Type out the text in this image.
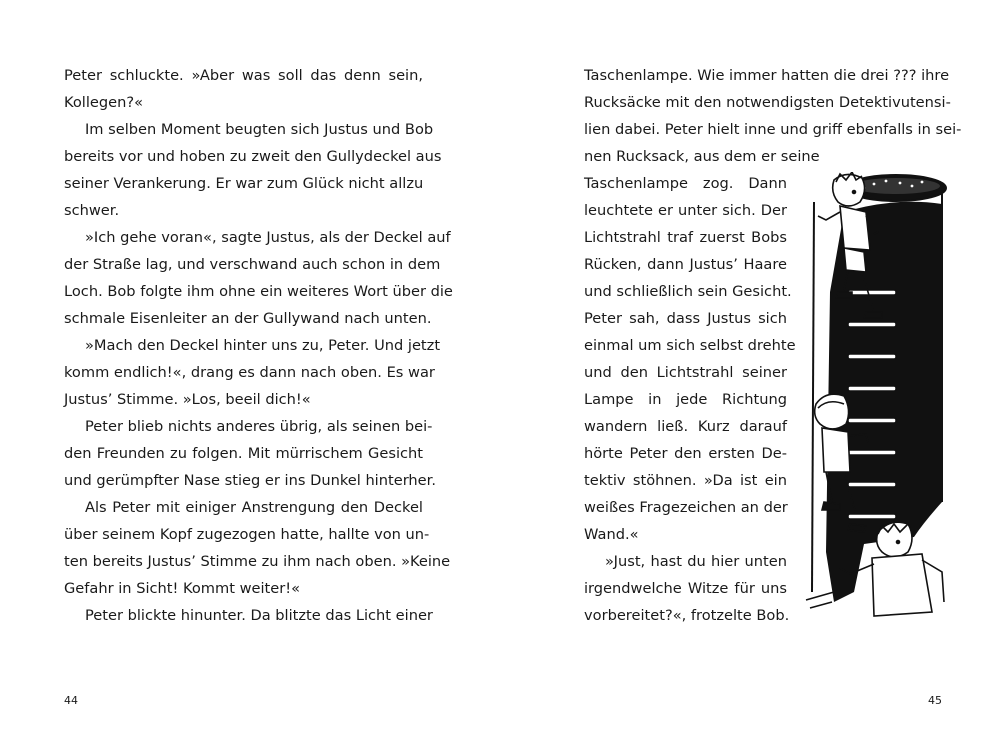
Peter schluckte. »Aber was soll das denn sein,
Kollegen?«
Im selben Moment beugten sich Justus und Bob
bereits vor und hoben zu zweit den Gullydeckel aus
seiner Verankerung. Er war zum Glück nicht allzu
schwer.
»Ich gehe voran«, sagte Justus, als der Deckel auf
der Straße lag, und verschwand auch schon in dem
Loch. Bob folgte ihm ohne ein weiteres Wort über die
schmale Eisenleiter an der Gullywand nach unten.
»Mach den Deckel hinter uns zu, Peter. Und jetzt
komm endlich!«, drang es dann nach oben. Es war
Justus’ Stimme. »Los, beeil dich!«
Peter blieb nichts anderes übrig, als seinen bei-
den Freunden zu folgen. Mit mürrischem Gesicht
und gerümpfter Nase stieg er ins Dunkel hinterher.
Als Peter mit einiger Anstrengung den Deckel
über seinem Kopf zugezogen hatte, hallte von un-
ten bereits Justus’ Stimme zu ihm nach oben. »Keine
Gefahr in Sicht! Kommt weiter!«
Peter blickte hinunter. Da blitzte das Licht einer
44
Taschenlampe. Wie immer hatten die drei ??? ihre
Rucksäcke mit den notwendigsten Detektivutensi-
lien dabei. Peter hielt inne und griff ebenfalls in sei-
nen Rucksack, aus dem er seine
Taschenlampe zog. Dann
leuchtete er unter sich. Der
Lichtstrahl traf zuerst Bobs
Rücken, dann Justus’ Haare
und schließlich sein Gesicht.
Peter sah, dass Justus sich
einmal um sich selbst drehte
und den Lichtstrahl seiner
Lampe in jede Richtung
wandern ließ. Kurz darauf
hörte Peter den ersten De-
tektiv stöhnen. »Da ist ein
weißes Fragezeichen an der
Wand.«
»Just, hast du hier unten
irgendwelche Witze für uns
vorbereitet?«, frotzelte Bob.
45
